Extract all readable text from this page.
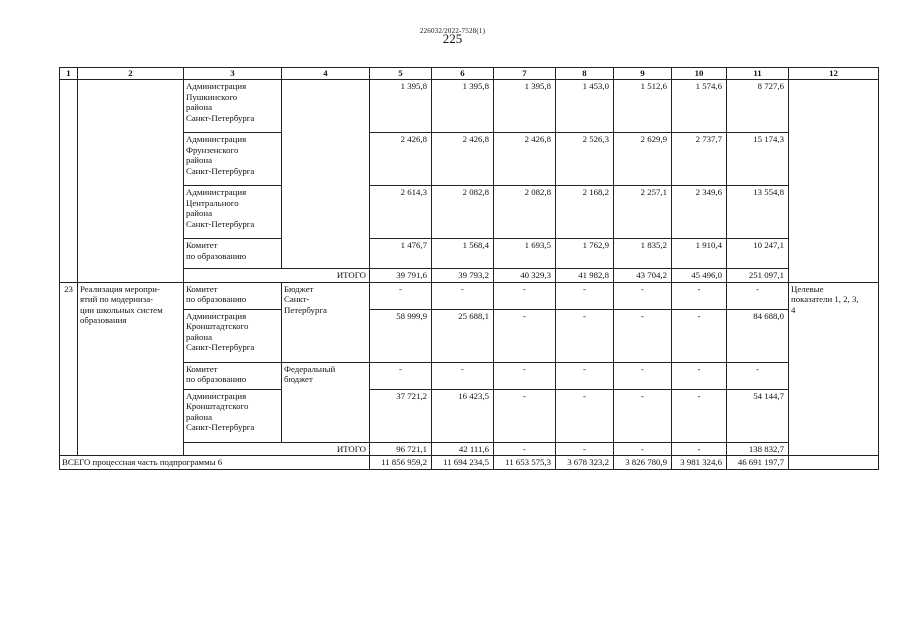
226032/2022-7528(1)
225
1	2	3	4	5	6	7	8	9	10	11	12
		Администрация
Пушкинского
района
Санкт-Петербурга		1 395,8	1 395,8	1 395,8	1 453,0	1 512,6	1 574,6	8 727,6	
		Администрация
Фрунзенского
района
Санкт-Петербурга		2 426,8	2 426,8	2 426,8	2 526,3	2 629,9	2 737,7	15 174,3	
		Администрация
Центрального
района
Санкт-Петербурга		2 614,3	2 082,8	2 082,8	2 168,2	2 257,1	2 349,6	13 554,8	
		Комитет
по образованию		1 476,7	1 568,4	1 693,5	1 762,9	1 835,2	1 910,4	10 247,1	
		ИТОГО		39 791,6	39 793,2	40 329,3	41 982,8	43 704,2	45 496,0	251 097,1	
23	Реализация меропри-
ятий по модерниза-
ции школьных систем
образования	Комитет
по образованию	Бюджет
Санкт-
Петербурга	-	-	-	-	-	-	-	Целевые
показатели 1, 2, 3,
4
		Администрация
Кронштадтского
района
Санкт-Петербурга		58 999,9	25 688,1	-	-	-	-	84 688,0	
		Комитет
по образованию	Федеральный
бюджет	-	-	-	-	-	-	-	
		Администрация
Кронштадтского
района
Санкт-Петербурга		37 721,2	16 423,5	-	-	-	-	54 144,7	
		ИТОГО		96 721,1	42 111,6	-	-	-	-	138 832,7	
ВСЕГО процессная часть подпрограммы 6				11 856 959,2	11 694 234,5	11 653 575,3	3 678 323,2	3 826 780,9	3 981 324,6	46 691 197,7	
